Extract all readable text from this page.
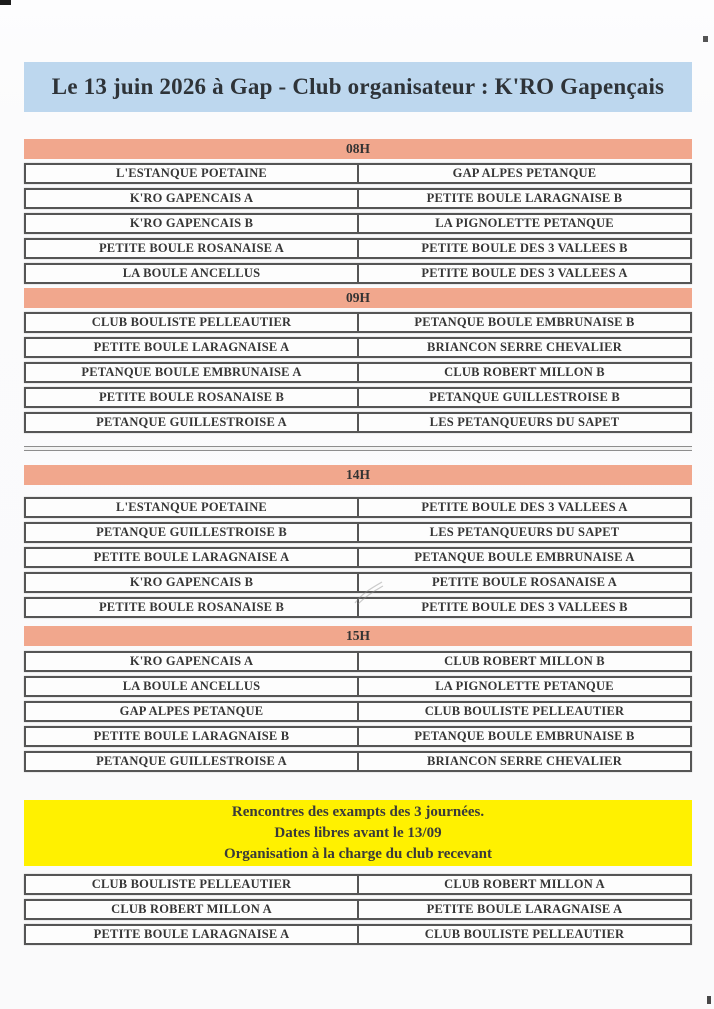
Le 13 juin 2026 à Gap - Club organisateur : K'RO Gapençais
08H
L'ESTANQUE POETAINE	GAP ALPES PETANQUE
K'RO GAPENCAIS A	PETITE BOULE LARAGNAISE B
K'RO GAPENCAIS B	LA PIGNOLETTE PETANQUE
PETITE BOULE ROSANAISE A	PETITE BOULE DES 3 VALLEES B
LA BOULE ANCELLUS	PETITE BOULE DES 3 VALLEES A
09H
CLUB BOULISTE PELLEAUTIER	PETANQUE BOULE EMBRUNAISE B
PETITE BOULE LARAGNAISE A	BRIANCON SERRE CHEVALIER
PETANQUE BOULE EMBRUNAISE A	CLUB ROBERT MILLON B
PETITE BOULE ROSANAISE B	PETANQUE GUILLESTROISE B
PETANQUE GUILLESTROISE A	LES PETANQUEURS DU SAPET
14H
L'ESTANQUE POETAINE	PETITE BOULE DES 3 VALLEES A
PETANQUE GUILLESTROISE B	LES PETANQUEURS DU SAPET
PETITE BOULE LARAGNAISE A	PETANQUE BOULE EMBRUNAISE A
K'RO GAPENCAIS B	PETITE BOULE ROSANAISE A
PETITE BOULE ROSANAISE B	PETITE BOULE DES 3 VALLEES B
15H
K'RO GAPENCAIS A	CLUB ROBERT MILLON B
LA BOULE ANCELLUS	LA PIGNOLETTE PETANQUE
GAP ALPES PETANQUE	CLUB BOULISTE PELLEAUTIER
PETITE BOULE LARAGNAISE B	PETANQUE BOULE EMBRUNAISE B
PETANQUE GUILLESTROISE A	BRIANCON SERRE CHEVALIER
Rencontres des exampts des 3 journées.
Dates libres avant le 13/09
Organisation à la charge du club recevant
CLUB BOULISTE PELLEAUTIER	CLUB ROBERT MILLON A
CLUB ROBERT MILLON A	PETITE BOULE LARAGNAISE A
PETITE BOULE LARAGNAISE A	CLUB BOULISTE PELLEAUTIER
